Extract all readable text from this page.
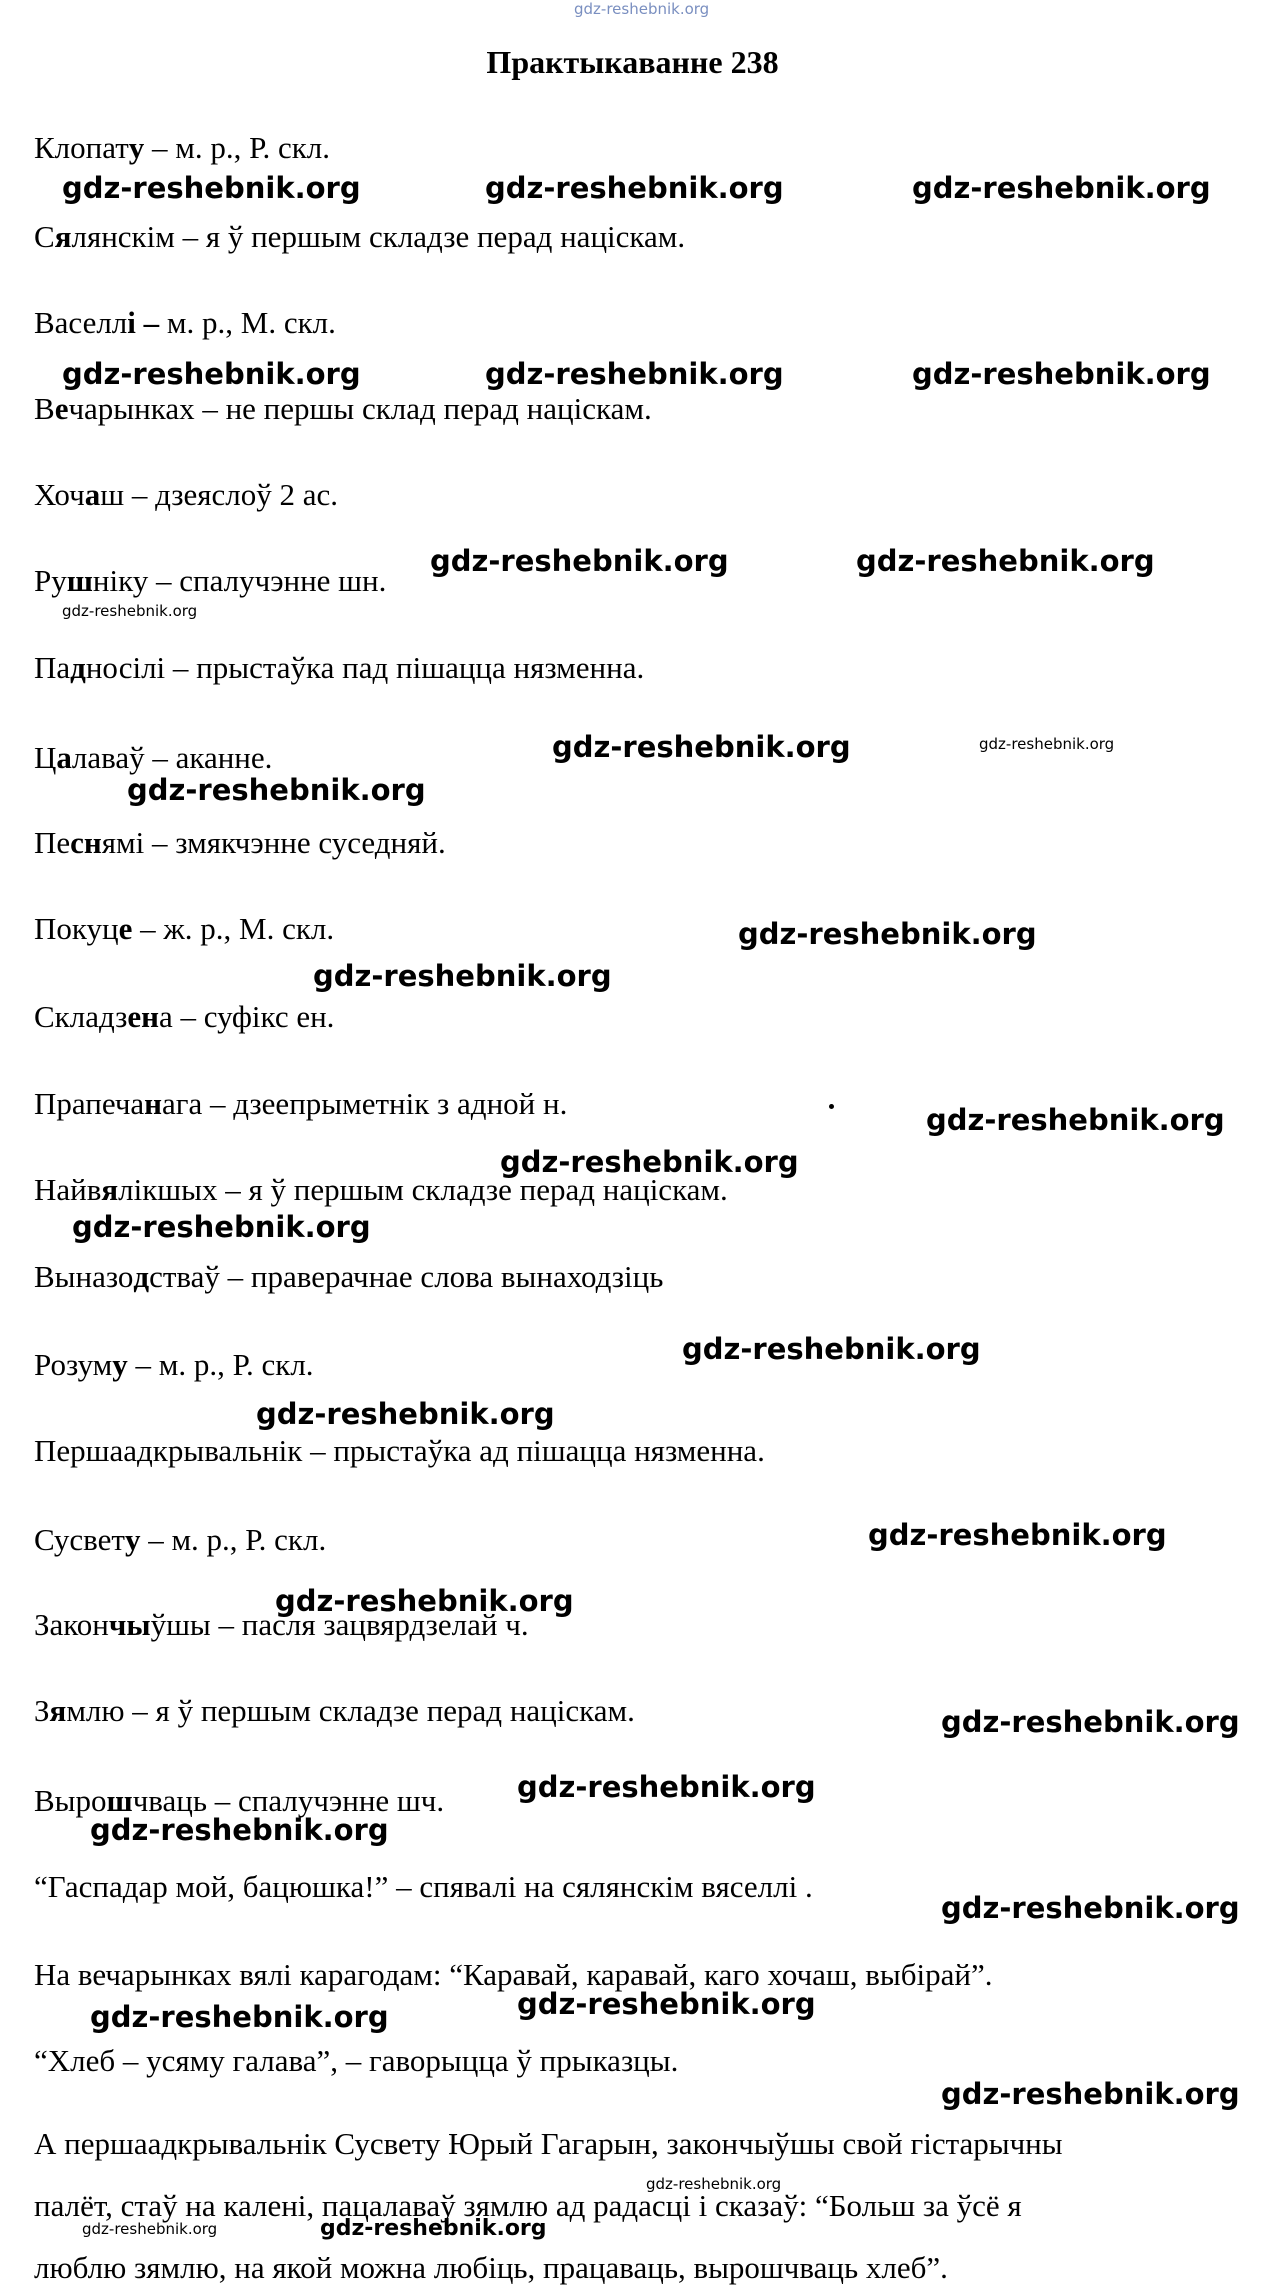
gdz-reshebnik.org
Практыкаванне 238
Клопату – м. р., Р. скл.
Сялянскім – я ў першым складзе перад націскам.
Васеллі – м. р., М. скл.
Вечарынках – не першы склад перад націскам.
Хочаш – дзеяслоў 2 ас.
Рушніку – спалучэнне шн.
Падносілі – прыстаўка пад пішацца нязменна.
Цалаваў – аканне.
Песнямі – змякчэнне суседняй.
Покуце – ж. р., М. скл.
Складзена – суфікс ен.
Прапечанага – дзеепрыметнік з адной н.
Найвялікшых – я ў першым складзе перад націскам.
Выназодстваў – праверачнае слова вынаходзіць
Розуму – м. р., Р. скл.
Першаадкрывальнік – прыстаўка ад пішацца нязменна.
Сусвету – м. р., Р. скл.
Закончыўшы – пасля зацвярдзелай ч.
Зямлю – я ў першым складзе перад націскам.
Вырошчваць – спалучэнне шч.
“Гаспадар мой, бацюшка!” – спявалі на сялянскім вяселлі .
На вечарынках вялі карагодам: “Каравай, каравай, каго хочаш, выбірай”.
“Хлеб – усяму галава”, – гаворыцца ў прыказцы.
А першаадкрывальнік Сусвету Юрый Гагарын, закончыўшы свой гістарычны
палёт, стаў на калені, пацалаваў зямлю ад радасці і сказаў: “Больш за ўсё я
люблю зямлю, на якой можна любіць, працаваць, вырошчваць хлеб”.
gdz-reshebnik.org	gdz-reshebnik.org	gdz-reshebnik.org
gdz-reshebnik.org	gdz-reshebnik.org	gdz-reshebnik.org
gdz-reshebnik.org	gdz-reshebnik.org
gdz-reshebnik.org
gdz-reshebnik.org	gdz-reshebnik.org
gdz-reshebnik.org
gdz-reshebnik.org
gdz-reshebnik.org
gdz-reshebnik.org
gdz-reshebnik.org
gdz-reshebnik.org
gdz-reshebnik.org
gdz-reshebnik.org
gdz-reshebnik.org
gdz-reshebnik.org
gdz-reshebnik.org
gdz-reshebnik.org
gdz-reshebnik.org
gdz-reshebnik.org
gdz-reshebnik.org
gdz-reshebnik.org
gdz-reshebnik.org
gdz-reshebnik.org
gdz-reshebnik.org	gdz-reshebnik.org
